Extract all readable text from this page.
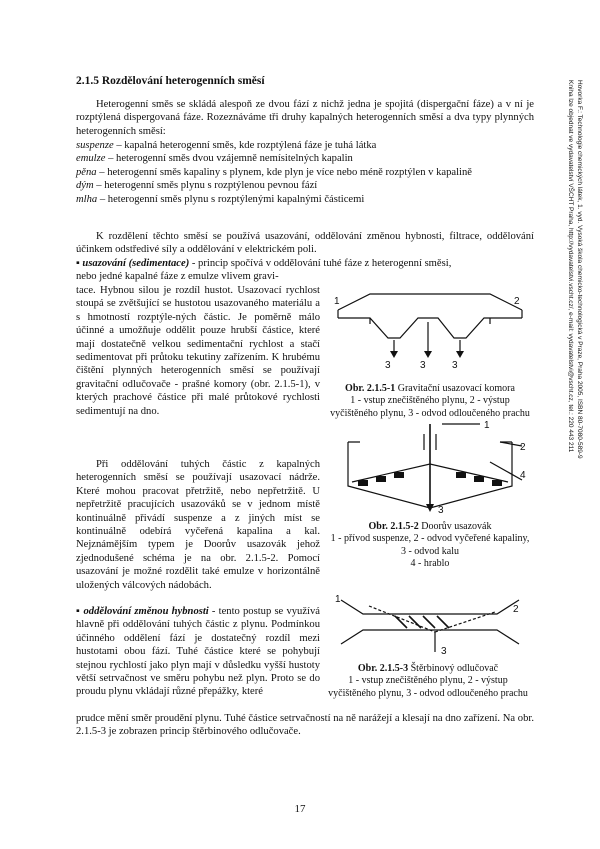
Hovorka F.: Technologie chemických látek, 1. vyd. Vysoká škola chemicko-technologická v Praze, Praha 2005, ISBN 80-7080-589-9
Kniha lze objednat ve vydavatelství VŠCHT Praha, http://vydavatelstvi.vscht.cz/, e-mail: vydavatelstvi@vscht.cz, tel.: 220 443 211
2.1.5 Rozdělování heterogenních směsí
Heterogenní směs se skládá alespoň ze dvou fází z nichž jedna je spojitá (dispergační fáze) a v ní je rozptýlená dispergovaná fáze. Rozeznáváme tři druhy kapalných heterogenních směsí a dva typy plynných heterogenních směsí:

suspenze – kapalná heterogenní směs, kde rozptýlená fáze je tuhá látka

emulze – heterogenní směs dvou vzájemně nemísitelných kapalin

pěna – heterogenní směs kapaliny s plynem, kde plyn je více nebo méně rozptýlen v kapalině

dým – heterogenní směs plynu s rozptýlenou pevnou fází

mlha – heterogenní směs plynu s rozptýlenými kapalnými částicemi

K rozdělení těchto směsí se používá usazování, oddělování změnou hybnosti, filtrace, oddělování účinkem odstředivé síly a oddělování v elektrickém poli.
▪ usazování (sedimentace) - princip spočívá v oddělování tuhé fáze z heterogenní směsi,
nebo jedné kapalné fáze z emulze vlivem gravi-
tace. Hybnou silou je rozdíl hustot. Usazovací rychlost stoupá se zvětšující se hustotou usazovaného materiálu a s hmotností rozptýle-ných částic. Je poměrně málo účinné a umožňuje oddělit pouze hrubší částice, které mají dostatečně velkou sedimentační rychlost a stačí sedimentovat při průtoku tekutiny zařízením. K hrubému čištění plynných heterogenních směsí se používají gravitační odlučovače - prašné komory (obr. 2.1.5-1), v kterých prachové částice při malé průtokové rychlosti sedimentují na dno.
Při oddělování tuhých částic z kapalných heterogenních směsí se používají usazovací nádrže. Které mohou pracovat přetržitě, nebo nepřetržitě. U nepřetržitě pracujících usazováků se v jednom místě kontinuálně přivádí suspenze a z jiných míst se kontinuálně odebírá vyčeřená kapalina a kal. Nejznámějším typem je Doorův usazovák jehož zjednodušené schéma je na obr. 2.1.5-2. Pomocí usazování je možné rozdělit také emulze v horizontálně uložených válcových nádobách.
▪ oddělování změnou hybnosti - tento postup se využívá hlavně při oddělování tuhých částic z plynu. Podmínkou účinného oddělení fází je dostatečný rozdíl mezi hustotami obou fází. Tuhé částice které se pohybují stejnou rychlostí jako plyn mají v důsledku vyšší hustoty větší setrvačnost ve směru pohybu než plyn. Proto se do proudu plynu vkládají různé přepážky, které
prudce mění směr proudění plynu. Tuhé částice setrvačností na ně narážejí a klesají na dno zařízení. Na obr. 2.1.5-3 je zobrazen princip štěrbinového odlučovače.
1	2
3	3	3
Obr. 2.1.5-1 Gravitační usazovací komora
1 - vstup znečištěného plynu, 2 - výstup vyčištěného plynu, 3 - odvod odloučeného prachu
1
2
3
4
Obr. 2.1.5-2 Doorův usazovák
1 - přívod suspenze, 2 - odvod vyčeřené kapaliny, 3 - odvod kalu
4 - hrablo
1
2
3
Obr. 2.1.5-3 Štěrbinový odlučovač
1 - vstup znečištěného plynu, 2 - výstup vyčištěného plynu, 3 - odvod odloučeného prachu
17
